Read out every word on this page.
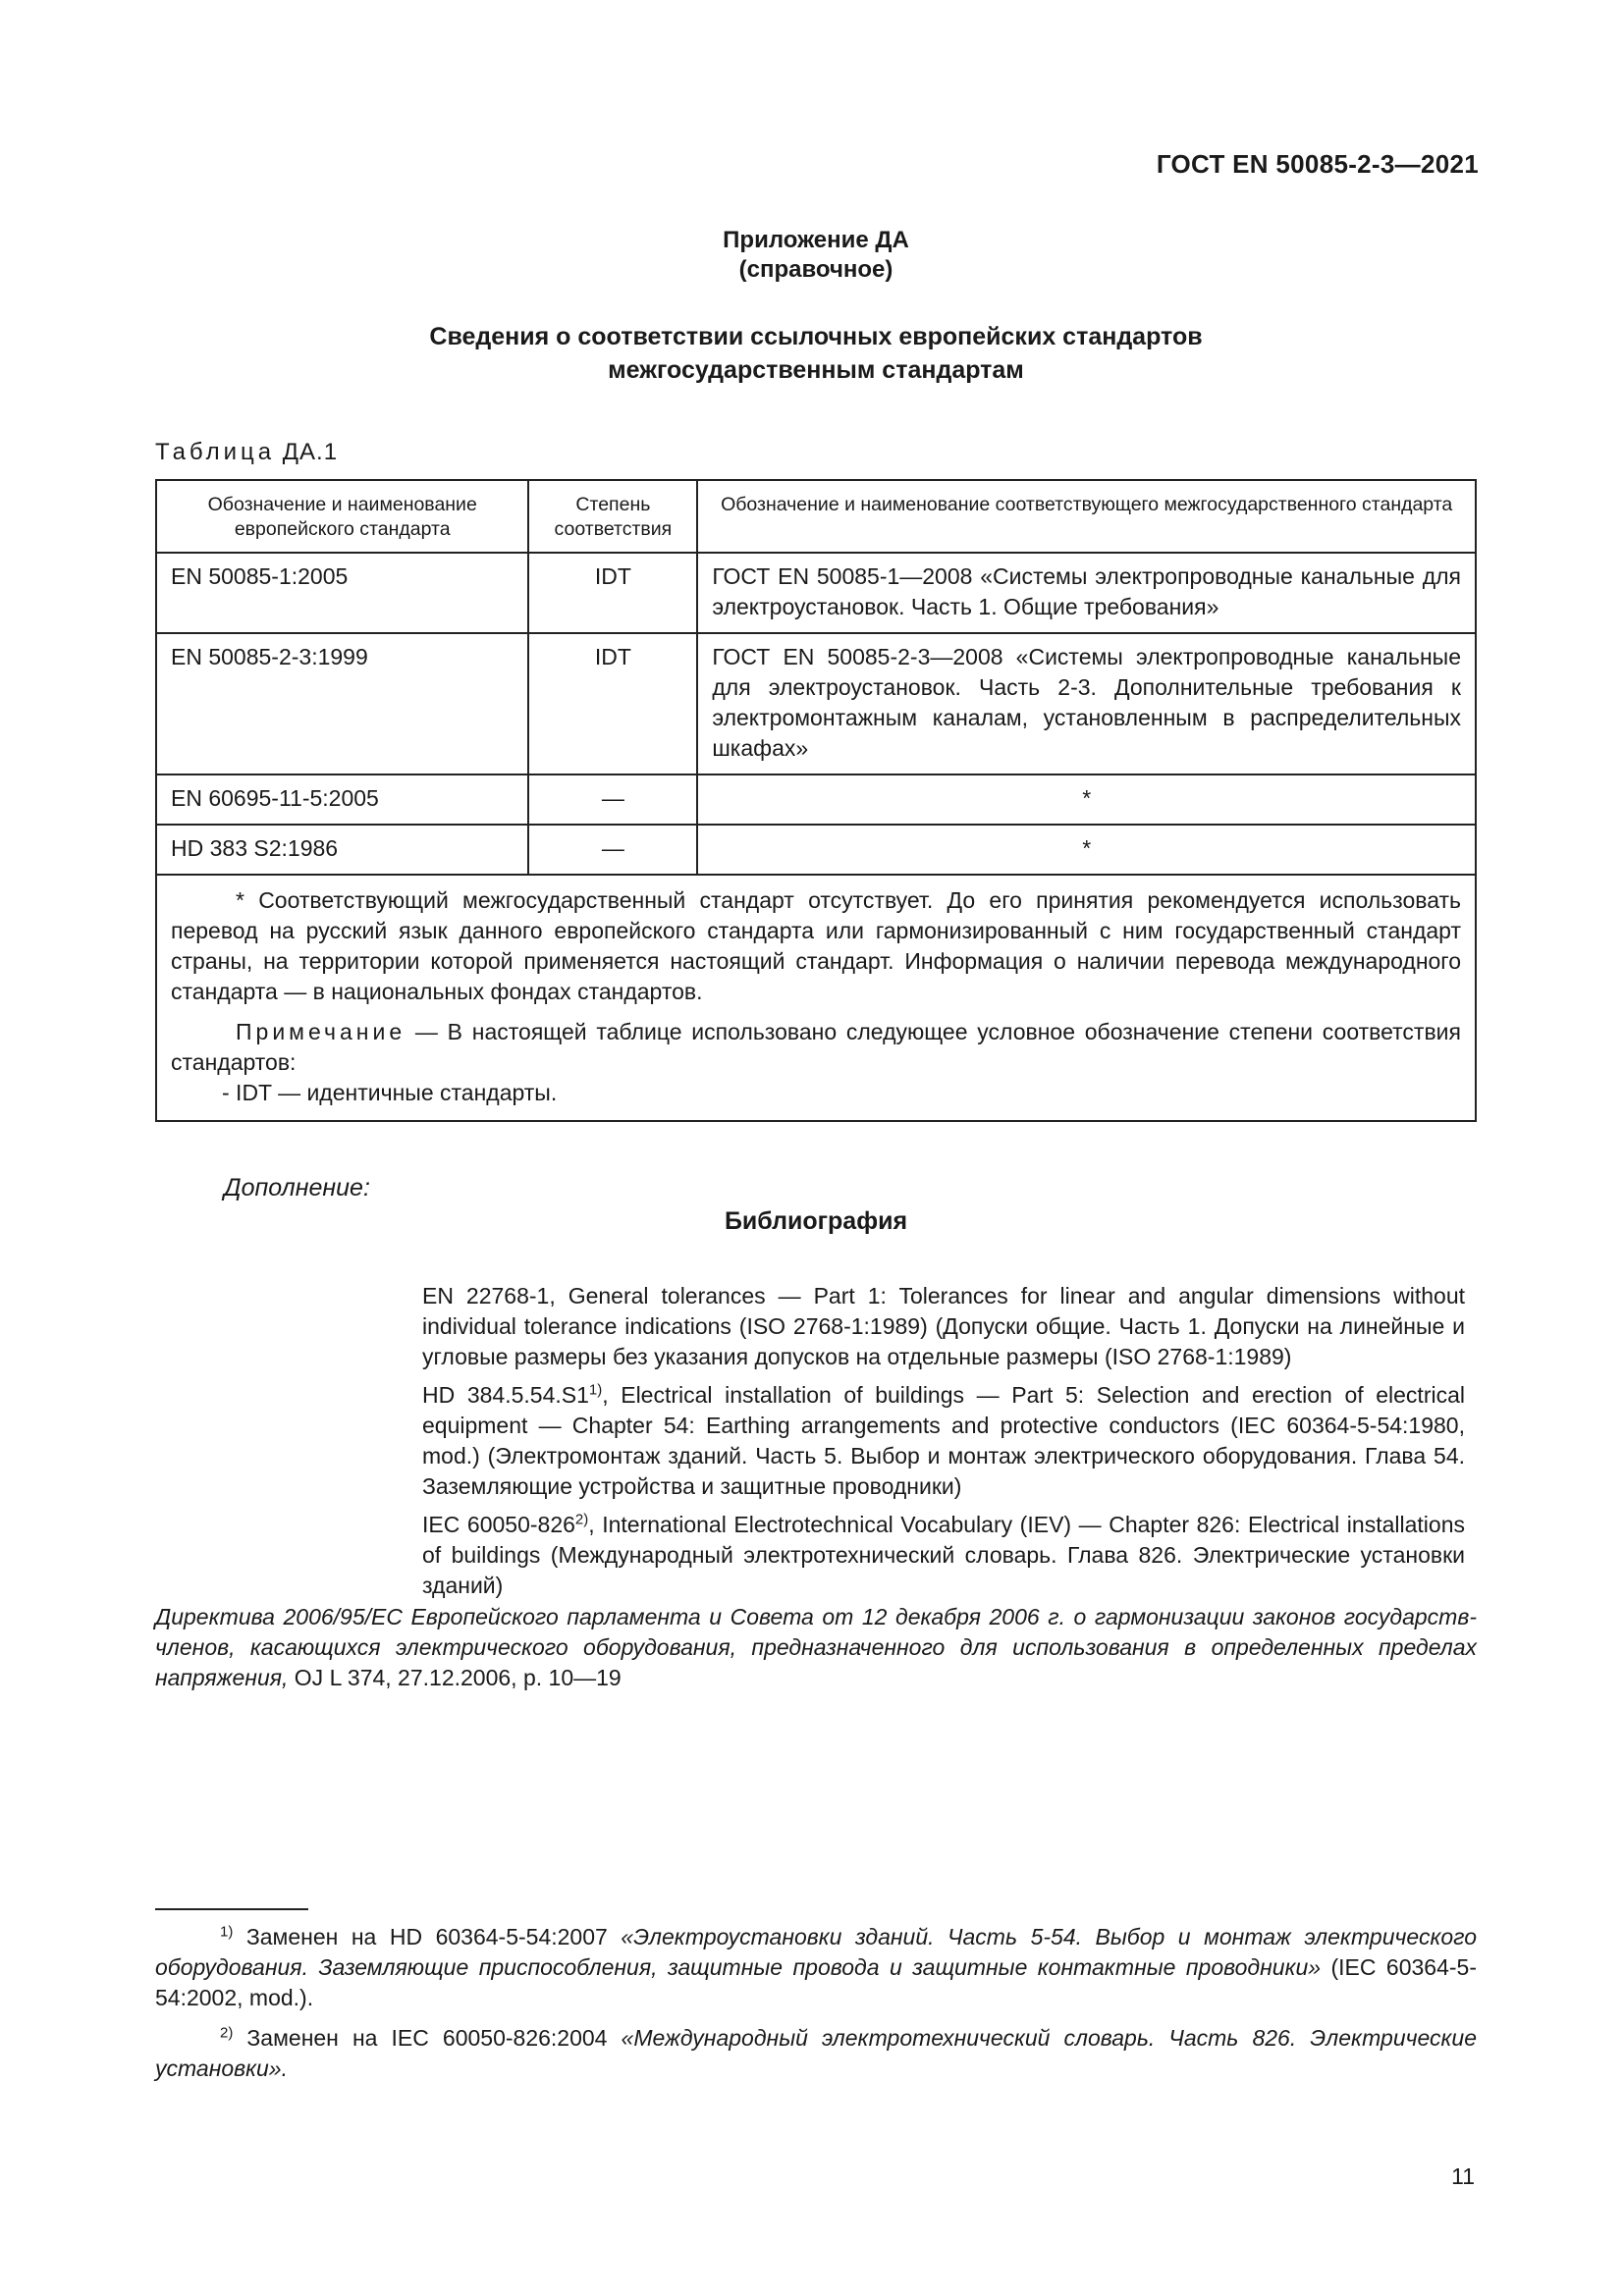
ГОСТ EN 50085-2-3—2021
Приложение ДА
(справочное)
Сведения о соответствии ссылочных европейских стандартов
межгосударственным стандартам
Таблица ДА.1
Обозначение и наименование европейского стандарта	Степень соответствия	Обозначение и наименование соответствующего межгосударственного стандарта
EN 50085-1:2005	IDT	ГОСТ EN 50085-1—2008 «Системы электропроводные канальные для электроустановок. Часть 1. Общие требования»
EN 50085-2-3:1999	IDT	ГОСТ EN 50085-2-3—2008 «Системы электропроводные канальные для электроустановок. Часть 2-3. Дополнительные требования к электромонтажным каналам, установленным в распределительных шкафах»
EN 60695-11-5:2005	—	*
HD 383 S2:1986	—	*

* Соответствующий межгосударственный стандарт отсутствует. До его принятия рекомендуется использовать перевод на русский язык данного европейского стандарта или гармонизированный с ним государственный стандарт страны, на территории которой применяется настоящий стандарт. Информация о наличии перевода международного стандарта — в национальных фондах стандартов.

Примечание — В настоящей таблице использовано следующее условное обозначение степени соответствия стандартов:

- IDT — идентичные стандарты.		

Дополнение:
Библиография

EN 22768-1, General tolerances — Part 1: Tolerances for linear and angular dimensions without individual tolerance indications (ISO 2768-1:1989) (Допуски общие. Часть 1. Допуски на линейные и угловые размеры без указания допусков на отдельные размеры (ISO 2768-1:1989)

HD 384.5.54.S1$^{1)}$, Electrical installation of buildings — Part 5: Selection and erection of electrical equipment — Chapter 54: Earthing arrangements and protective conductors (IEC 60364-5-54:1980, mod.) (Электромонтаж зданий. Часть 5. Выбор и монтаж электрического оборудования. Глава 54. Заземляющие устройства и защитные проводники)

IEC 60050-826$^{2)}$, International Electrotechnical Vocabulary (IEV) — Chapter 826: Electrical installations of buildings (Международный электротехнический словарь. Глава 826. Электрические установки зданий)

Директива 2006/95/ЕС Европейского парламента и Совета от 12 декабря 2006 г. о гармонизации законов государств-членов, касающихся электрического оборудования, предназначенного для использования в определенных пределах напряжения, OJ L 374, 27.12.2006, p. 10—19

$^{1)}$ Заменен на HD 60364-5-54:2007 «Электроустановки зданий. Часть 5-54. Выбор и монтаж электрического оборудования. Заземляющие приспособления, защитные провода и защитные контактные проводники» (IEC 60364-5-54:2002, mod.).

$^{2)}$ Заменен на IEC 60050-826:2004 «Международный электротехнический словарь. Часть 826. Электрические установки».

11
